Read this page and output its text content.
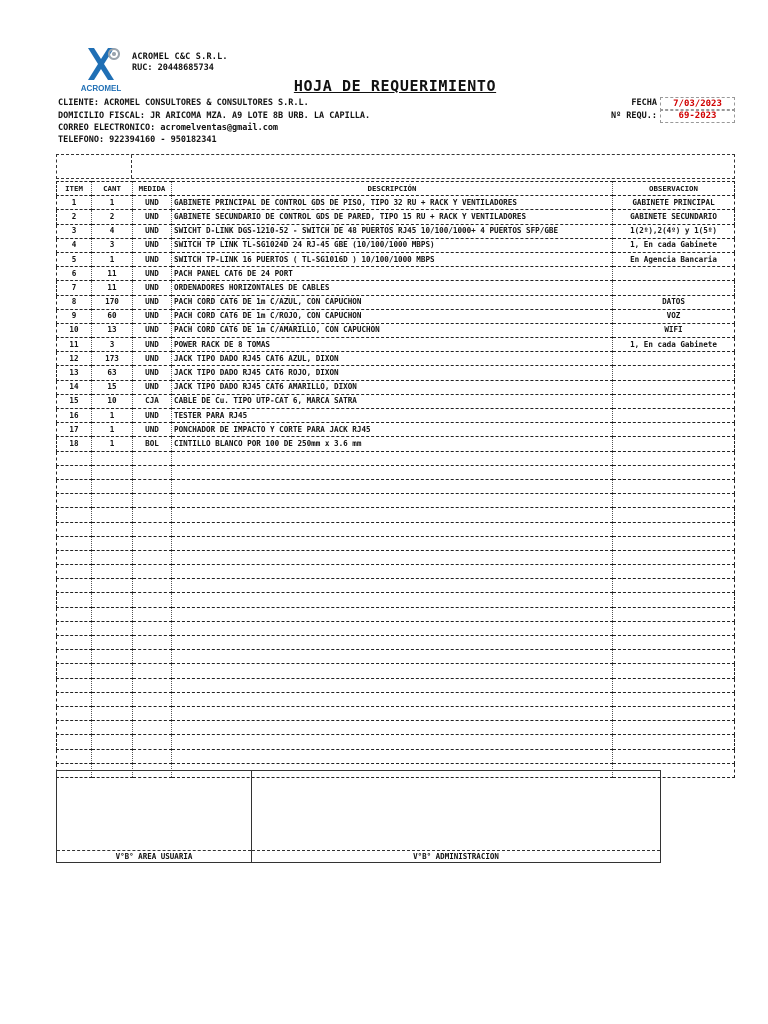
ACROMEL
ACROMEL C&C S.R.L.
RUC: 20448685734
HOJA DE REQUERIMIENTO
CLIENTE: ACROMEL CONSULTORES & CONSULTORES S.R.L.
DOMICILIO FISCAL: JR ARICOMA MZA. A9 LOTE 8B URB. LA CAPILLA.
CORREO ELECTRONICO: acromelventas@gmail.com
TELEFONO: 922394160 - 950182341
FECHA	7/03/2023
Nº REQU.:	69-2023
ITEM	CANT	MEDIDA	DESCRIPCIÓN	OBSERVACION
1	1	UND	GABINETE PRINCIPAL DE CONTROL GDS DE PISO, TIPO 32 RU + RACK Y VENTILADORES	GABINETE PRINCIPAL
2	2	UND	GABINETE SECUNDARIO DE CONTROL GDS DE PARED, TIPO 15 RU + RACK Y VENTILADORES	GABINETE SECUNDARIO
3	4	UND	SWICHT D-LINK DGS-1210-52 - SWITCH DE 48 PUERTOS RJ45 10/100/1000+ 4 PUERTOS SFP/GBE	1(2º),2(4º) y 1(5º)
4	3	UND	SWITCH TP LINK TL-SG1024D 24 RJ-45 GBE (10/100/1000 MBPS)	1, En cada Gabinete
5	1	UND	SWITCH TP-LINK 16 PUERTOS ( TL-SG1016D ) 10/100/1000 MBPS	En Agencia Bancaria
6	11	UND	PACH PANEL CAT6 DE 24 PORT	
7	11	UND	ORDENADORES HORIZONTALES DE CABLES	
8	170	UND	PACH CORD CAT6 DE 1m C/AZUL, CON CAPUCHON	DATOS
9	60	UND	PACH CORD CAT6 DE 1m C/ROJO, CON CAPUCHON	VOZ
10	13	UND	PACH CORD CAT6 DE 1m C/AMARILLO, CON CAPUCHON	WIFI
11	3	UND	POWER RACK DE 8 TOMAS	1, En cada Gabinete
12	173	UND	JACK TIPO DADO RJ45 CAT6 AZUL, DIXON	
13	63	UND	JACK TIPO DADO RJ45 CAT6 ROJO, DIXON	
14	15	UND	JACK TIPO DADO RJ45 CAT6 AMARILLO, DIXON	
15	10	CJA	CABLE DE Cu. TIPO UTP-CAT 6, MARCA SATRA	
16	1	UND	TESTER PARA RJ45	
17	1	UND	PONCHADOR DE IMPACTO Y CORTE PARA JACK RJ45	
18	1	BOL	CINTILLO BLANCO POR 100 DE 250mm x 3.6 mm	

V°B° AREA USUARIA	V°B° ADMINISTRACION
